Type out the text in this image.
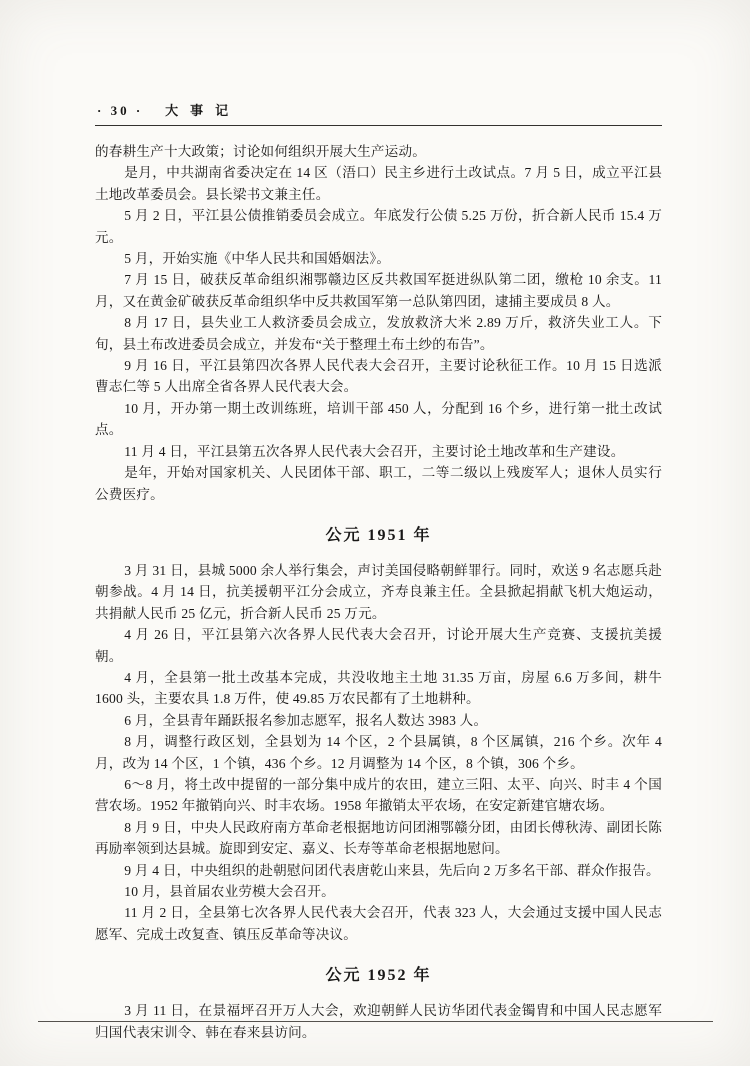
· 30 · 大事记

的春耕生产十大政策；讨论如何组织开展大生产运动。

是月，中共湖南省委决定在 14 区（浯口）民主乡进行土改试点。7 月 5 日，成立平江县土地改革委员会。县长梁书文兼主任。

5 月 2 日，平江县公债推销委员会成立。年底发行公债 5.25 万份，折合新人民币 15.4 万元。

5 月，开始实施《中华人民共和国婚姻法》。

7 月 15 日，破获反革命组织湘鄂赣边区反共救国军挺进纵队第二团，缴枪 10 余支。11 月，又在黄金矿破获反革命组织华中反共救国军第一总队第四团，逮捕主要成员 8 人。

8 月 17 日，县失业工人救济委员会成立，发放救济大米 2.89 万斤，救济失业工人。下旬，县土布改进委员会成立，并发布“关于整理土布土纱的布告”。

9 月 16 日，平江县第四次各界人民代表大会召开，主要讨论秋征工作。10 月 15 日选派曹志仁等 5 人出席全省各界人民代表大会。

10 月，开办第一期土改训练班，培训干部 450 人，分配到 16 个乡，进行第一批土改试点。

11 月 4 日，平江县第五次各界人民代表大会召开，主要讨论土地改革和生产建设。

是年，开始对国家机关、人民团体干部、职工，二等二级以上残废军人；退休人员实行公费医疗。

公元 1951 年

3 月 31 日，县城 5000 余人举行集会，声讨美国侵略朝鲜罪行。同时，欢送 9 名志愿兵赴朝参战。4 月 14 日，抗美援朝平江分会成立，齐寿良兼主任。全县掀起捐献飞机大炮运动，共捐献人民币 25 亿元，折合新人民币 25 万元。

4 月 26 日，平江县第六次各界人民代表大会召开，讨论开展大生产竞赛、支援抗美援朝。

4 月，全县第一批土改基本完成，共没收地主土地 31.35 万亩，房屋 6.6 万多间，耕牛 1600 头，主要农具 1.8 万件，使 49.85 万农民都有了土地耕种。

6 月，全县青年踊跃报名参加志愿军，报名人数达 3983 人。

8 月，调整行政区划，全县划为 14 个区，2 个县属镇，8 个区属镇，216 个乡。次年 4 月，改为 14 个区，1 个镇，436 个乡。12 月调整为 14 个区，8 个镇，306 个乡。

6～8 月，将土改中提留的一部分集中成片的农田，建立三阳、太平、向兴、时丰 4 个国营农场。1952 年撤销向兴、时丰农场。1958 年撤销太平农场，在安定新建官塘农场。

8 月 9 日，中央人民政府南方革命老根据地访问团湘鄂赣分团，由团长傅秋涛、副团长陈再励率领到达县城。旋即到安定、嘉义、长寿等革命老根据地慰问。

9 月 4 日，中央组织的赴朝慰问团代表唐乾山来县，先后向 2 万多名干部、群众作报告。

10 月，县首届农业劳模大会召开。

11 月 2 日，全县第七次各界人民代表大会召开，代表 323 人，大会通过支援中国人民志愿军、完成土改复查、镇压反革命等决议。

公元 1952 年

3 月 11 日，在景福坪召开万人大会，欢迎朝鲜人民访华团代表金镯胄和中国人民志愿军归国代表宋训令、韩在春来县访问。
